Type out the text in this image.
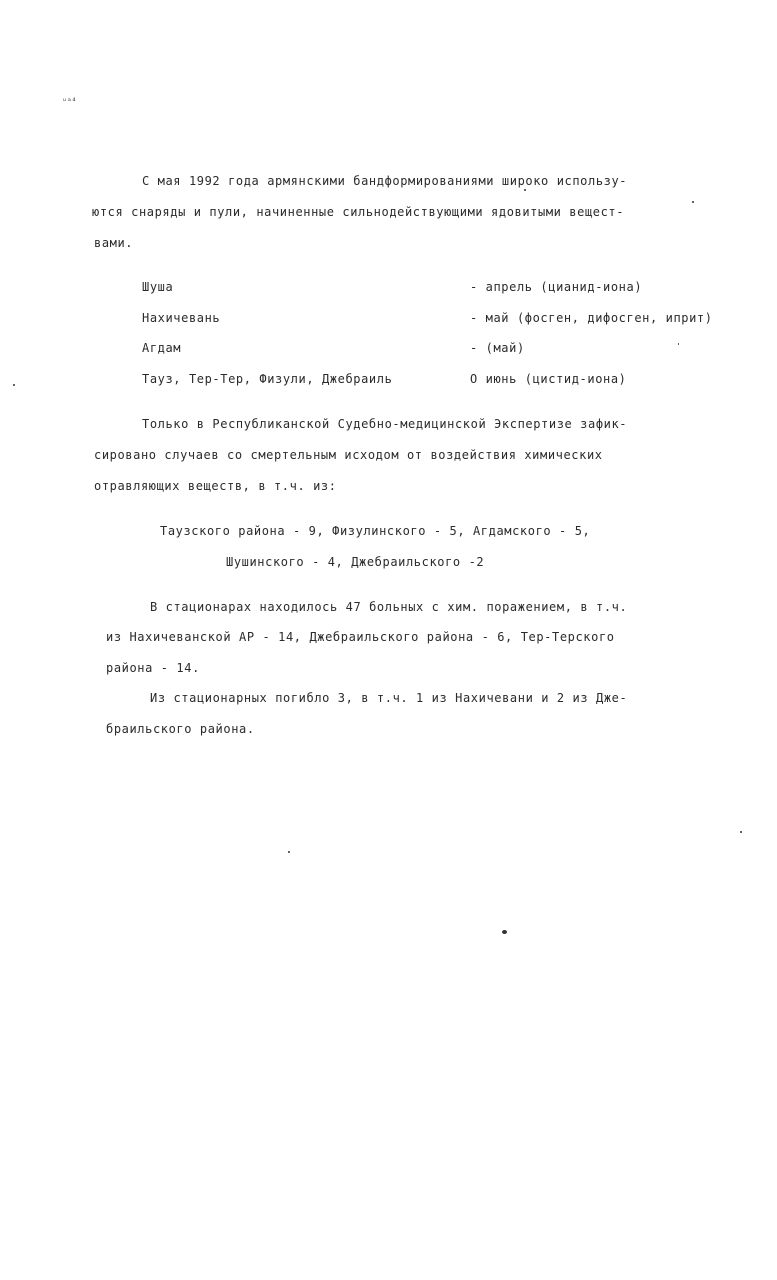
ᵤₐ₄
С мая 1992 года армянскими бандформированиями широко использу-
ются снаряды и пули, начиненные сильнодействующими ядовитыми вещест-
вами.
Шуша	- апрель (цианид-иона)
Нахичевань	- май (фосген, дифосген, иприт)
Агдам	- (май)
Тауз, Тер-Тер, Физули, Джебраиль	О июнь (цистид-иона)
Только в Республиканской Судебно-медицинской Экспертизе зафик-
сировано случаев со смертельным исходом от воздействия химических
отравляющих веществ, в т.ч. из:
Таузского района - 9, Физулинского - 5, Агдамского - 5,
Шушинского - 4, Джебраильского -2
В стационарах находилось 47 больных с хим. поражением, в т.ч.
из Нахичеванской АР - 14, Джебраильского района - 6, Тер-Терского
района - 14.
Из стационарных погибло 3, в т.ч. 1 из Нахичевани и 2 из Дже-
браильского района.
